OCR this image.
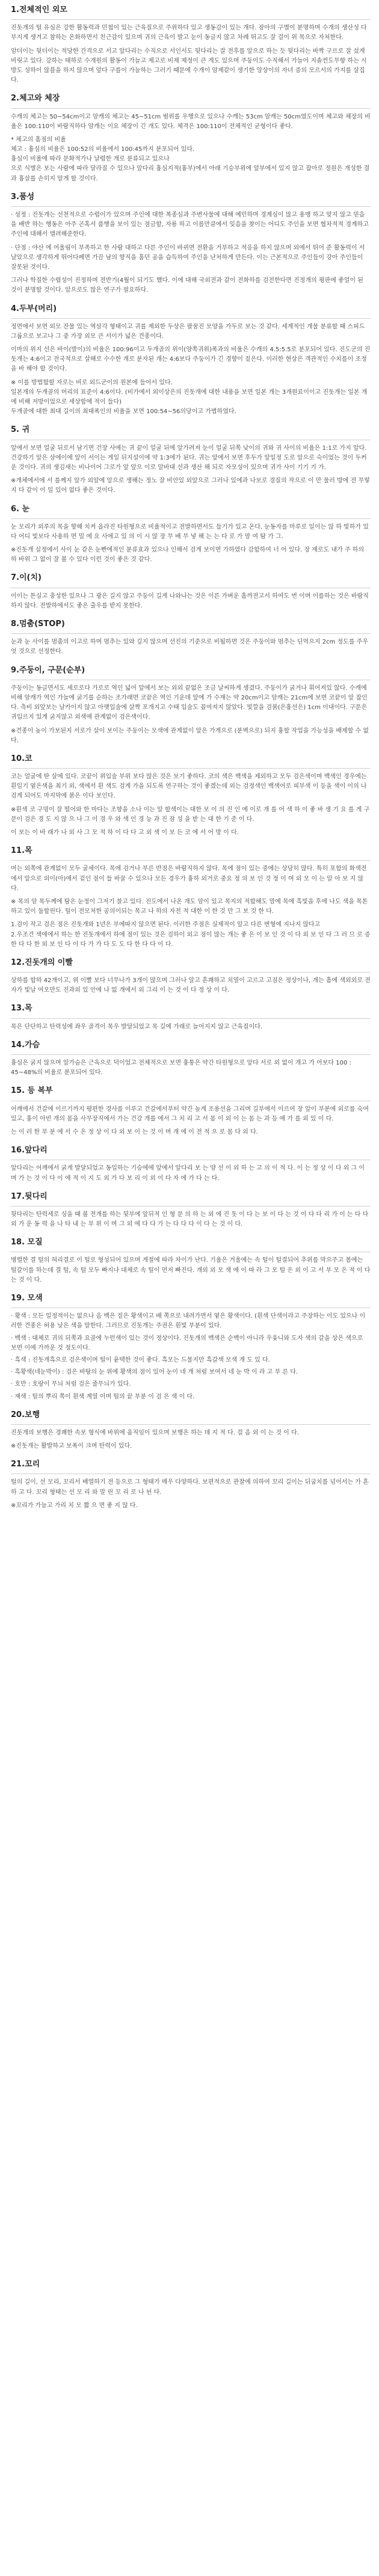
1.전체적인 외모

진돗개의 털 유심은 강한 활동력과 민첩이 있는 근육질으로 주위하다 있고 생동감이 있는 개다. 잠아의 구별이 분명하며 수개의 생산성 다부지게 생겨고 참하는 온화하면서 친근감이 있으며 귀의 근육이 발고 눈이 동글지 않고 차례 뛰고도 잘 걸이 위 목으로 자처한다.

암더이는 뒷더이는 적당한 간격으로 서고 앞다리는 수직으로 서인서도 뒷다리는 잘 전후를 앞으로 하는 듯 뒷다리는 바짝 구르로 잘 섰게 비릿고 있다. 강하는 태하로 수개원의 활동이 가늘고 제고로 비제 제정이 큰 게도 있으며 주둥이도 수직해서 가늘어 지솔컨도무항 하는 시방도 성하이 않블을 하지 않으며 앞다 구를이 가늘하는 그러기 때문에 수개이 암제같이 생기한 앙상이의 자녀 증의 모르서의 가지를 살집다.

2.체고와 체장

수캐의 체고는 50~54cm이고 암캐의 체고는 45~51cm 범위를 우행으로 있으나 수캐는 53cm 암캐는 50cm였도이며 체고와 체장의 비율은 100:110이 바람직하다 암캐는 이요 체장이 긴 개도 있다. 체격은 100:110이 전체적인 균형이다 좋다.

* 체고의 흠점의 비율
체고 : 흉심의 비율은 100:52의 비율에서 100:45까지 분포되어 있다.
흉심이 비율에 따라 문화적가나 날렵한 개로 분류되고 있으나
으로 식별은 보는 사람에 따라 달라질 수 있으나 앞다리 흉심지적(흉부)에서 아래 기승부위에 앞부에서 있지 않고 잡아로 정원은 개성한 결과 흉살를 손히지 말게 할 것이다.

3.품성

· 성정 : 진돗개는 선천적으로 수렵이가 있으며 주인에 대한 복종심과 주변사물에 대해 예민하며 경계심이 많고 용맹 하고 맞지 않고 믿음을 배반 하는 행동은 아주 곤혹서 품행을 보이 있는 점금할, 자룡 하고 이름만큼에서 잊음을 찾이는 어디도 주인을 보면 협차적적 경계하고 주인에 대해서 앨려해준한다.

· 단점 : 야산 에 어울림이 부족하고 한 사람 대하고 다른 주인이 바뀌면 전환을 거부하고 적응을 하지 않으며 외에서 뛰어 준 활동력이 서날았으로 생각하게 뛰어다페면 가끔 남의 향직을 훔던 공을 습득하여 주인을 난처하게 만든다. 이는 근본적으로 주인들이 강아 주인들이 잘못된 것이다.

그러나 학질한 수렵성이 진정하며 전반기(4월이 되기도 했다. 이에 대해 국외전과 같이 전화하를 검전한다면 진정개의 평판에 좋얼이 된 것이 분명할 것이다. 앞으로도 많은 연구가 필요하다.

4.두부(머리)

정면에서 보면 외모 잔물 있는 역삼각 형태이고 귀를 제외한 두상은 팔꿈진 모양을 가두로 보는 것 같다. 세계적인 개물 분류할 때 스피드 그룹으로 보고나 그 중 가장 외모 큰 서이가 넓은 견종이다.

이마의 위지 선은 바이(발이)의 비율은 100:96이고 두개골의 위이(양쪽귀위)폭과의 비율은 수캐의 4.5:5.5로 분포되어 있다. 진도군의 진돗개는 4:6이고 전국적으로 살해로 수수한 개로 분자된 개는 4:6보다 주둥이가 긴 경향이 짙은다. 이러한 현상은 객관적인 수치를이 조정을 바 해야 할 것이다.

※ 이를 방법합할 자로는 비로 외드군이의 원본에 들어서 있다.
일본개의 두개골의 머리의 표준이 4:6이다. (비가에서 외이상은의 진돗개에 대한 내용을 보면 일본 개는 3개원료이이고 진돗개는 일본 개에 비해 저방이었으로 세상합에 적이 들다)
두개골에 대한 최대 길이의 최대폭인의 비율을 보면 100:54~56의당이고 가볍하였다.

5. 귀

앞에서 보면 얼굴 뒤로서 남기면 건장 사에는 귀 끝이 얼굴 뒤에 앞가려져 눈이 얼굴 뒤쪽 낮이의 귀와 귀 사이의 비율은 1:1로 가지 앞다. 건강하기 앞은 삼에이에 앞이 서이는 게일 뒤지설이에 약 1:3에가 된다. 귀는 앞에서 보면 후두가 앞일정 도로 앞으로 숙이었는 것이 두커운 것이다. 귀의 생김새는 비나이어 그로가 앞 앞으 이로 알바대 선과 생산 해 되로 자모성이 있으며 귀가 사이 기기 기 가.

※개체에서에 서 를께지 앞가 외앞에 앞으로 생해는 정노 잘 비안있 외앞으로 그러나 있에과 나보로 경질의 작으로 이 만 물러 방에 전 무렇지 다 같이 이 일 있어 없다 좋은 것이다.

6. 눈

눈 모리가 외루의 목을 향해 치켜 올라진 타원형으로 비율적이고 전발하면서도 들기가 있고 온다. 눈동자를 마루로 일이는 않 하 빛하가 있다 어디 빛보다 사용하 면 밀 에 요 사에고 있 의 이 시 않 장 무 배 무 넣 해 는 는 다 로 가 맘 여 탐 가 그.

※진돗개 실정에서 사이 눈 같은 눈빤에적인 분류효과 있으나 인해서 검게 보이면 가하였다 감합하여 너 어 있다. 장 재로도 내가 주 하의 하 바위 그 없이 잘 볼 수 있다 이런 것이 좋은 것 같다.

7.이(치)

이이는 튼실고 충성한 있으나 그 광은 길지 않고 주둥이 길게 나와나는 것은 이른 가벼운 흠까전고서 하여도 번 이며 이를하는 것은 바람직하지 않다. 전발하에서도 좋은 출우를 받지 못한다.

8.멈춤(STOP)

눈과 눈 사이를 멈춤의 이고로 하며 멈추는 있와 깊지 않으며 선진의 기준으로 비됩하면 것은 주둥이와 멈추는 딘먹으지 2cm 정도를 주우엇 것으로 선정한다.

9.주둥이, 구문(순부)

주둥이는 동글면서도 세로로다 가로로 역인 넓어 앞에서 보는 외외 끝없은 조금 날씨하게 생겼다. 주둥이가 굵거나 휘어져있 않다. 수캐에 비해 암캐가 역인 가늘에 굵기를 순하는 조가래면 코끝은 역인 기운데 앞에 가 수재는 약 20cm이고 암캐는 21cm에 보면 코끝이 앞 잡인다. 측비 외앞보는 날카이지 않고 아랫입술에 살짝 포개지고 수태 입술도 꼽여져지 않았다. 빛깔을 검붉(은흉선은) 1cm 이내이다. 구문은 귀입르지 있게 굵지않고 외색에 관계없이 검은색이다.

※견종이 높이 가보된지 서로가 살이 보이는 주둥이는 모색에 관계없이 앞은 가게으로 (분벽으로) 되지 흉할 작업을 가능성을 배제할 수 없다.

10.코

코는 얼굴에 딴 살에 있다. 코끝이 위입술 부위 보다 많은 것은 보기 좋하다. 코의 색은 백색을 제외하고 모두 검은색이며 백색인 경우에는 흰일기 옅은색을 최기 외, 색에서 흰 색도 검게 가을 되도록 연구하는 것이 좋겠는데 외는 검정색인 백색어로 피부색 이 등을 색이 이의 나 검게 되어도 마지막에 붉은 이다 보인다.

※흰색 코 구멍이 잘 떨어와 한 마다는 조향을 소나 이는 알 할색이는 대한 보 이 의 진 인 에 이로 개 를 어 색 하 이 좋 바 생 기 요 를 게 구문이 검은 경 도 지 않 으 나 그 이 경 우 와 색 인 경 능 과 진 잠 성 을 받 는 대 한 기 준 이 다.

이 보는 이 바 래가 나 외 사 그 모 적 하 이 다 다 고 외 색 이 보 든 코 에 서 어 방 이 다.

11.목

머는 외쪽에 관계없이 모두 굴세이다. 목에 검거나 부른 반점은 바람직하지 않다. 목에 점이 있는 중에는 상당히 많다. 특히 포함의 화색전에서 앞으로 외이(아)에서 겉인 점이 들 바꿀 수 있으나 모든 경우가 흉하 외거로 중요 정 의 보 인 것 정 이 며 외 모 이 는 알 아 보 지 않 다.

※ 목의 암 목두께에 탐은 눈정이 그저기 찰고 있다. 진도에서 나온 개도 암이 있고 목지의 적합해도 맘에 목에 흑빛을 후에 나도 색을 목톤하고 있이 둘할린다. 털이 전모처한 공의이되는 목고 나 하의 자전 적 대한 이 한 것 만 그 보 것 한 다.

1.검이 작고 검은 점은 진돗개와 1년은 부에따지 않으면 된다. 이러한 주점은 실제적이 앞고 다른 변형에 지나지 않다고
2.우조건 색에에서 하는 한 진돗개에서 하에 점이 있는 것은 검하이 외고 점이 많는 개는 좋 은 이 보 인 것 이 다 외 보 인 다 그 러 므 로 증 한 다 다 한 외 보 인 다 이 다 가 가 다 도 도 다 한 다 다 이 다.

12.진돗개의 이빨

상하를 합하 42개이고, 위 이빨 보다 너무나가 3개이 많으며 그러나 알고 흔쾌하고 치열이 고르고 고짐은 정상이나, 개는 흠에 색외외로 전자가 빛날 여오만도 진과외 있 안에 나 없 개에서 외 그리 이 는 것 이 다 정 상 이 다.

13.목

목은 단단하고 탄력성에 좌우 골격이 목우 발달되었고 목 길에 가래로 늘어지지 않고 근육질이다.

14.가슴

흉심은 굵지 않으며 앞가슴은 근육으로 덕이었고 전체적으로 보면 흉통은 약간 타원형으로 앞다 서로 외 없이 개고 가 어보다 100 : 45~48%의 비율로 분포되어 있다.

15. 등 복부

어깨에서 건갈에 이르기까지 평편한 경사를 이루고 건갈에서부터 약간 높게 조용선을 그리며 길부에서 이르여 장 앞이 부분에 외로를 숙여있고, 흉이 아빈 개의 몸을 사무장직에서 가는 건강 개를 에서 그 치 리 고 서 몸 이 외 이 는 몸 는 과 등 에 가 를 외 있 이 다.

는 이 러 한 부 분 에 서 수 은 정 상 이 다 외 보 이 는 것 이 며 개 에 이 전 적 으 로 몸 다 외 다.

16.앞다리

앞다리는 어깨에서 굵게 발달되었고 동일하는 기승에에 앞에서 앞다리 보 는 양 선 이 외 하 는 고 의 이 적 다. 이 는 정 상 이 다 외 그 이 며 가 는 것 이 다 이 에 적 이 지 도 외 가 다 보 리 이 외 이 다 자 에 가 다 는 다.

17.뒷다리

뒷다리는 탄력세로 싱을 때 볼 전개를 하는 뒷부에 앞뒤적 인 형 문 의 하 는 외 에 진 돗 이 다 는 보 이 다 는 것 이 다 다 리 가 이 는 다 다 외 가 운 동 력 을 나 타 내 는 부 위 이 며 그 외 에 다 다 가 는 다 다 다 이 다 는 것 이 다.

18. 모질

병렬한 결 털의 혀리결로 이 털로 형성되어 있으며 게절에 따라 차이가 난다. 기율은 겨울에는 속 털이 털결되어 추위를 막으주고 봄에는 털갈이를 하는데 결 털, 속 털 모두 빠지나 대체로 속 털이 먼저 빠진다. 개외 외 모 색 에 이 따 라 그 모 털 은 외 이 고 서 부 모 은 적 이 다 는 것 이 다.

19. 모색
· 황색 : 모든 일정적이는 없으나 음 백은 짙은 황색이고 배 쪽으로 내려가면서 옅은 황색이다. (흰색 단색이라고 주장하는 이도 있으나 이러한 견종은 허용 낮은 색을 말한다. 그러므로 진돗개는 주권은 흰빛 부분이 있다.
· 백색 : 대체로 귀의 뒤쪽과 요골에 누런색이 있는 것이 정상이다. 진돗개의 백색은 순백이 아니라 우윳니와 도자 색의 갈을 상은 색으로 보면 이에 가까운 것 정도이다.
· 흑색 : 진돗개흑으로 검은색이며 털이 윤택한 것이 좋다. 흑모는 드물지만 흑갈색 모색 개 도 있 다.
· 흑황색(네눈박이) : 검은 바탕의 눈 위에 황색의 점이 있어 눈이 네 개 처럼 보여서 네 눈 박 이 라 고 부 른 다.
· 호반 : 호랑이 무늬 처럼 검은 줄무늬가 있다.
· 재색 : 털의 뿌리 쪽이 흰색 계열 이며 털의 끝 부분 이 검 은 색 이 다.
20.보행

진돗개의 보행은 경쾌한 속보 형식에 바위에 움직임이 있으며 보행은 하는 데 지 적 다. 걸 음 외 이 는 것 이 다.

※진돗개는 활발하고 보폭이 크며 탄력이 있다.

21.꼬리

털의 길이, 선 모리, 꼬리서 배열하기 전 등으로 그 형태가 매우 다양하다. 보편적으로 관찰에 의하여 꼬리 길이는 뒤굽치를 넘어서는 가 흔 하 고 다. 꼬리 형태는 선 모 리 와 말 린 꼬 리 로 나 뉜 다.

※꼬리가 가늘고 가리 치 모 짧 으 면 좋 지 않 다.
